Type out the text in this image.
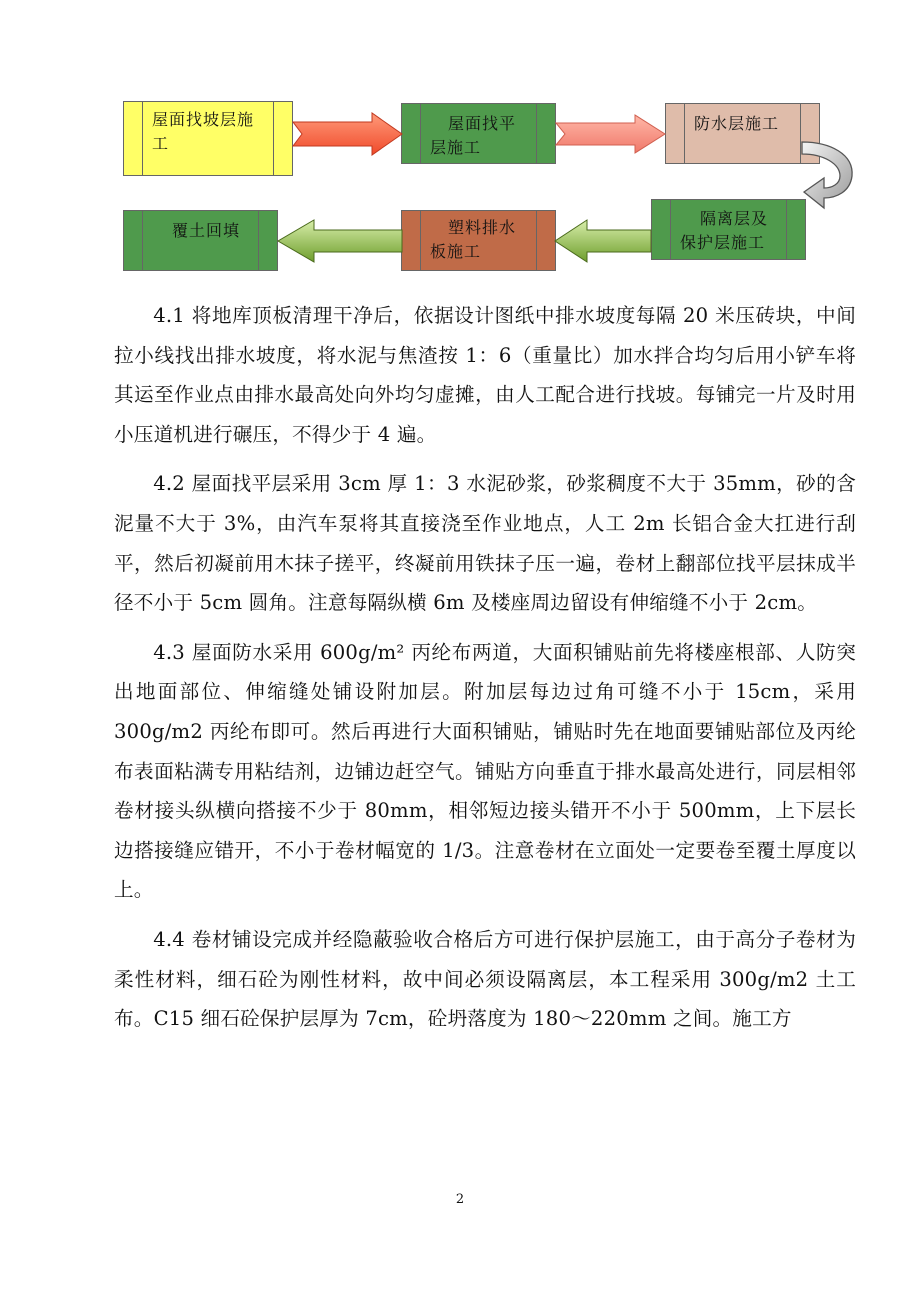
屋面找坡层施
工
屋面找平
层施工
防水层施工
隔离层及
保护层施工
塑料排水
板施工
覆土回填

4.1 将地库顶板清理干净后，依据设计图纸中排水坡度每隔 20 米压砖块，中间拉小线找出排水坡度，将水泥与焦渣按 1：6（重量比）加水拌合均匀后用小铲车将其运至作业点由排水最高处向外均匀虚摊，由人工配合进行找坡。每铺完一片及时用小压道机进行碾压，不得少于 4 遍。

4.2 屋面找平层采用 3cm 厚 1：3 水泥砂浆，砂浆稠度不大于 35mm，砂的含泥量不大于 3%，由汽车泵将其直接浇至作业地点，人工 2m 长铝合金大扛进行刮平，然后初凝前用木抹子搓平，终凝前用铁抹子压一遍，卷材上翻部位找平层抹成半径不小于 5cm 圆角。注意每隔纵横 6m 及楼座周边留设有伸缩缝不小于 2cm。

4.3 屋面防水采用 600g/m² 丙纶布两道，大面积铺贴前先将楼座根部、人防突出地面部位、伸缩缝处铺设附加层。附加层每边过角可缝不小于 15cm，采用 300g/m2 丙纶布即可。然后再进行大面积铺贴，铺贴时先在地面要铺贴部位及丙纶布表面粘满专用粘结剂，边铺边赶空气。铺贴方向垂直于排水最高处进行，同层相邻卷材接头纵横向搭接不少于 80mm，相邻短边接头错开不小于 500mm，上下层长边搭接缝应错开，不小于卷材幅宽的 1/3。注意卷材在立面处一定要卷至覆土厚度以上。

4.4 卷材铺设完成并经隐蔽验收合格后方可进行保护层施工，由于高分子卷材为柔性材料，细石砼为刚性材料，故中间必须设隔离层，本工程采用 300g/m2 土工布。C15 细石砼保护层厚为 7cm，砼坍落度为 180～220mm 之间。施工方

2
